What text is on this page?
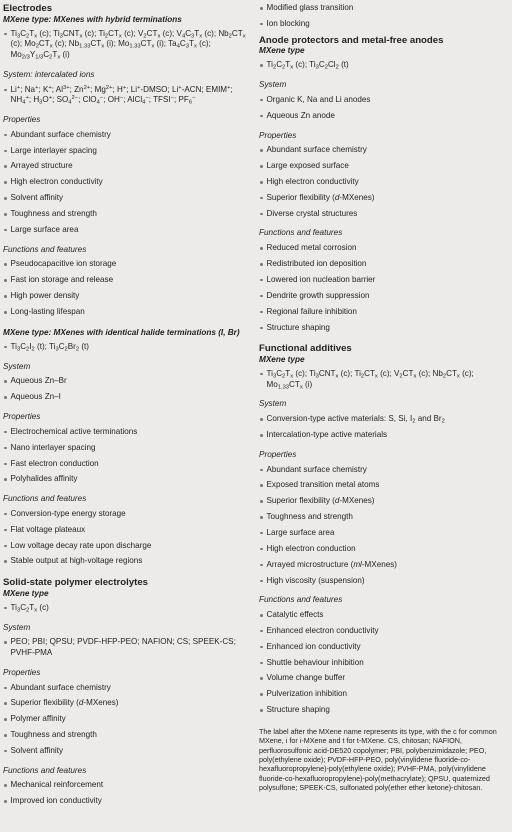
Electrodes
MXene type: MXenes with hybrid terminations
$Ti_3C_2T_x$ (c); $Ti_3CNT_x$ (c); $Ti_2CT_x$ (c); $V_2CT_x$ (c); $V_4C_3T_x$ (c); $Nb_2CT_x$ (c); $Mo_2CT_x$ (c); $Nb_{1.33}CT_x$ (i); $Mo_{1.33}CT_x$ (i); $Ta_4C_3T_x$ (c); $Mo_{2/3}Y_{1/3}C_2T_x$ (i)
System: intercalated ions
Li+; Na+; K+; $Al^{3+}$; $Zn^{2+}$; $Mg^{2+}$; H+; Li+-DMSO; Li+-ACN; EMIM+; $NH_4^+$; $H_3O^+$; $SO_4^{2-}$; ClO$_4$−; OH−; AlCl$_4$−; TFSI−; $PF_6^-$
Properties
Abundant surface chemistry
Large interlayer spacing
Arrayed structure
High electron conductivity
Solvent affinity
Toughness and strength
Large surface area
Functions and features
Pseudocapacitive ion storage
Fast ion storage and release
High power density
Long-lasting lifespan
MXene type: MXenes with identical halide terminations (I, Br)
$Ti_3C_2I_2$ (t); $Ti_3C_2Br_2$ (t)
System
Aqueous Zn–Br
Aqueous Zn–I
Properties
Electrochemical active terminations
Nano interlayer spacing
Fast electron conduction
Polyhalides affinity
Functions and features
Conversion-type energy storage
Flat voltage plateaux
Low voltage decay rate upon discharge
Stable output at high-voltage regions
Solid-state polymer electrolytes
MXene type
$Ti_3C_2T_x$ (c)
System
PEO; PBI; QPSU; PVDF-HFP-PEO; NAFION; CS; SPEEK-CS; PVHF-PMA
Properties
Abundant surface chemistry
Superior flexibility (d-MXenes)
Polymer affinity
Toughness and strength
Solvent affinity
Functions and features
Mechanical reinforcement
Improved ion conductivity
Modified glass transition
Ion blocking
Anode protectors and metal-free anodes
MXene type
$Ti_2C_2T_x$ (c); $Ti_3C_2Cl_2$ (t)
System
Organic K, Na and Li anodes
Aqueous Zn anode
Properties
Abundant surface chemistry
Large exposed surface
High electron conductivity
Superior flexibility (d-MXenes)
Diverse crystal structures
Functions and features
Reduced metal corrosion
Redistributed ion deposition
Lowered ion nucleation barrier
Dendrite growth suppression
Regional failure inhibition
Structure shaping
Functional additives
MXene type
$Ti_3C_2T_x$ (c); $Ti_3CNT_x$ (c); $Ti_2CT_x$ (c); $V_2CT_x$ (c); $Nb_2CT_x$ (c); $Mo_{1.33}CT_x$ (i)
System
Conversion-type active materials: S, Si, $I_2$ and $Br_2$
Intercalation-type active materials
Properties
Abundant surface chemistry
Exposed transition metal atoms
Superior flexibility (d-MXenes)
Toughness and strength
Large surface area
High electron conduction
Arrayed microstructure (ml-MXenes)
High viscosity (suspension)
Functions and features
Catalytic effects
Enhanced electron conductivity
Enhanced ion conductivity
Shuttle behaviour inhibition
Volume change buffer
Pulverization inhibition
Structure shaping
The label after the MXene name represents its type, with the c for common MXene, i for i-MXene and t for t-MXene. CS, chitosan; NAFION, perfluorosulfonic acid-DE520 copolymer; PBI, polybenzimidazole; PEO, poly(ethylene oxide); PVDF-HFP-PEO, poly(vinylidene fluoride-co-hexafluoropropylene)-poly(ethylene oxide); PVHF-PMA, poly(vinylidene fluoride-co-hexafluoropropylene)-poly(methacrylate); QPSU, quaternized polysulfone; SPEEK-CS, sulfonated poly(ether ether ketone)-chitosan.
